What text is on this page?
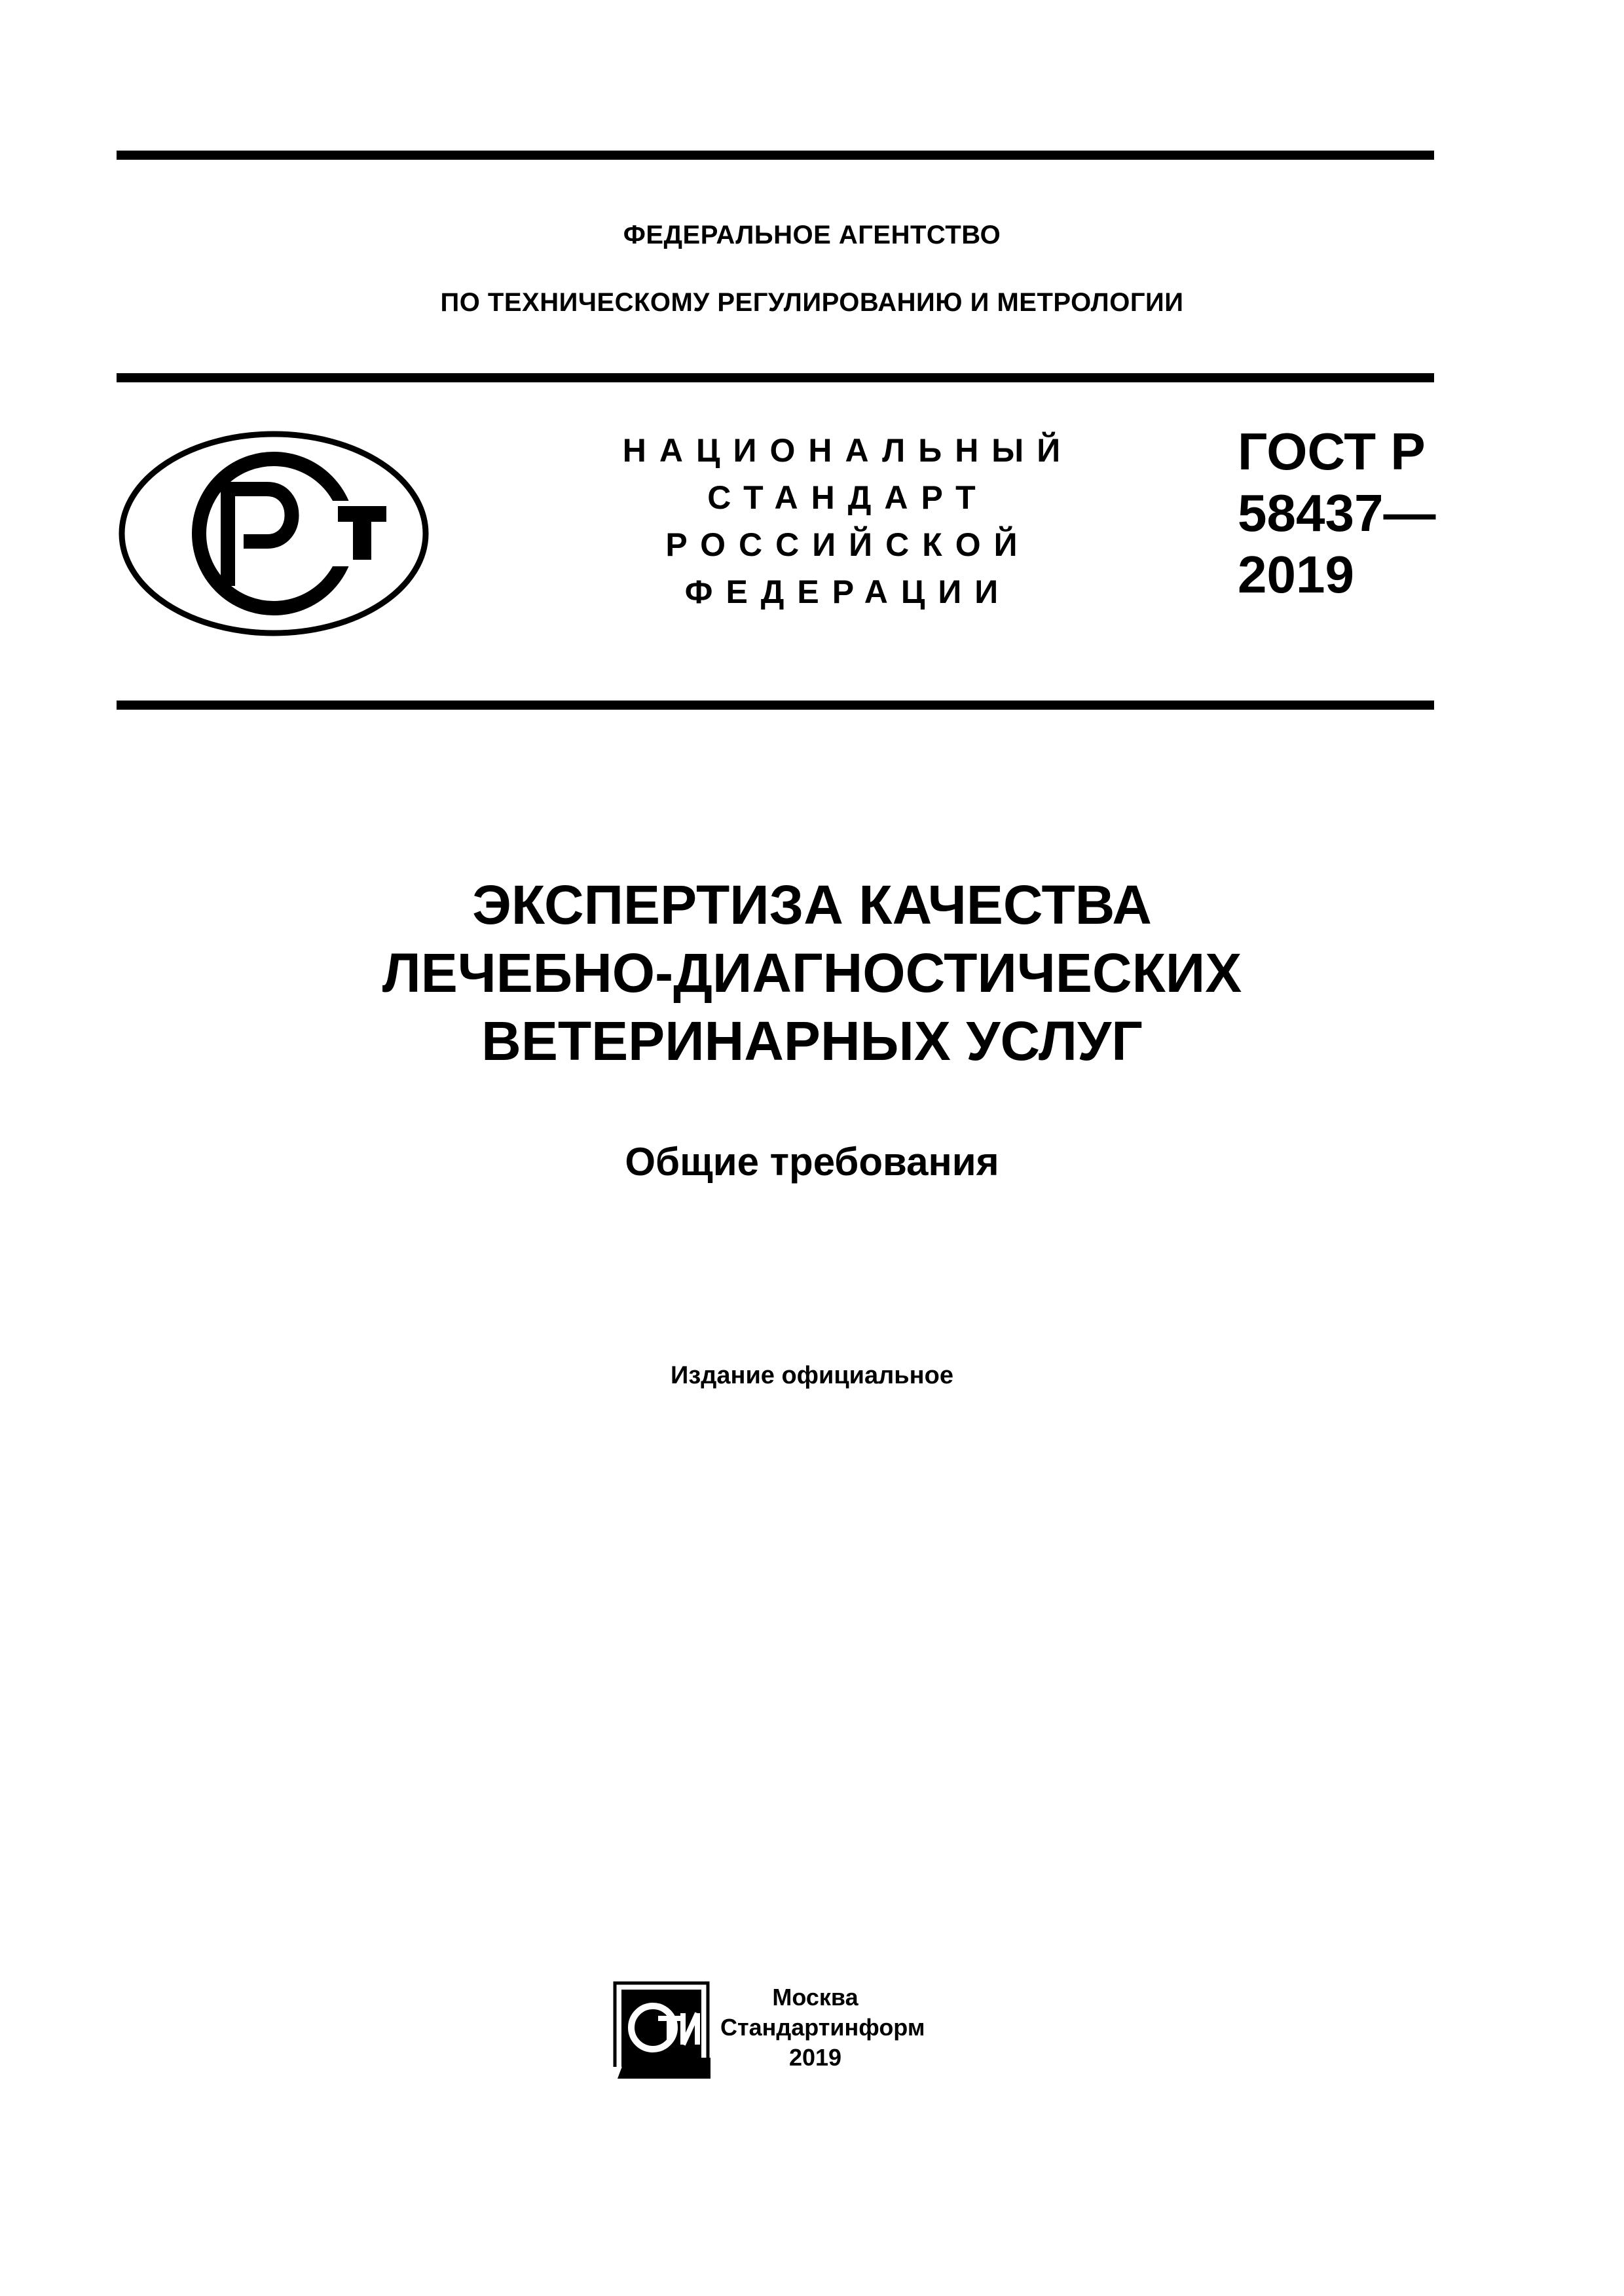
ФЕДЕРАЛЬНОЕ АГЕНТСТВО
ПО ТЕХНИЧЕСКОМУ РЕГУЛИРОВАНИЮ И МЕТРОЛОГИИ
НАЦИОНАЛЬНЫЙ
СТАНДАРТ
РОССИЙСКОЙ
ФЕДЕРАЦИИ
ГОСТ Р
58437—
2019
ЭКСПЕРТИЗА КАЧЕСТВА
ЛЕЧЕБНО-ДИАГНОСТИЧЕСКИХ
ВЕТЕРИНАРНЫХ УСЛУГ
Общие требования
Издание официальное
Москва
Стандартинформ
2019
